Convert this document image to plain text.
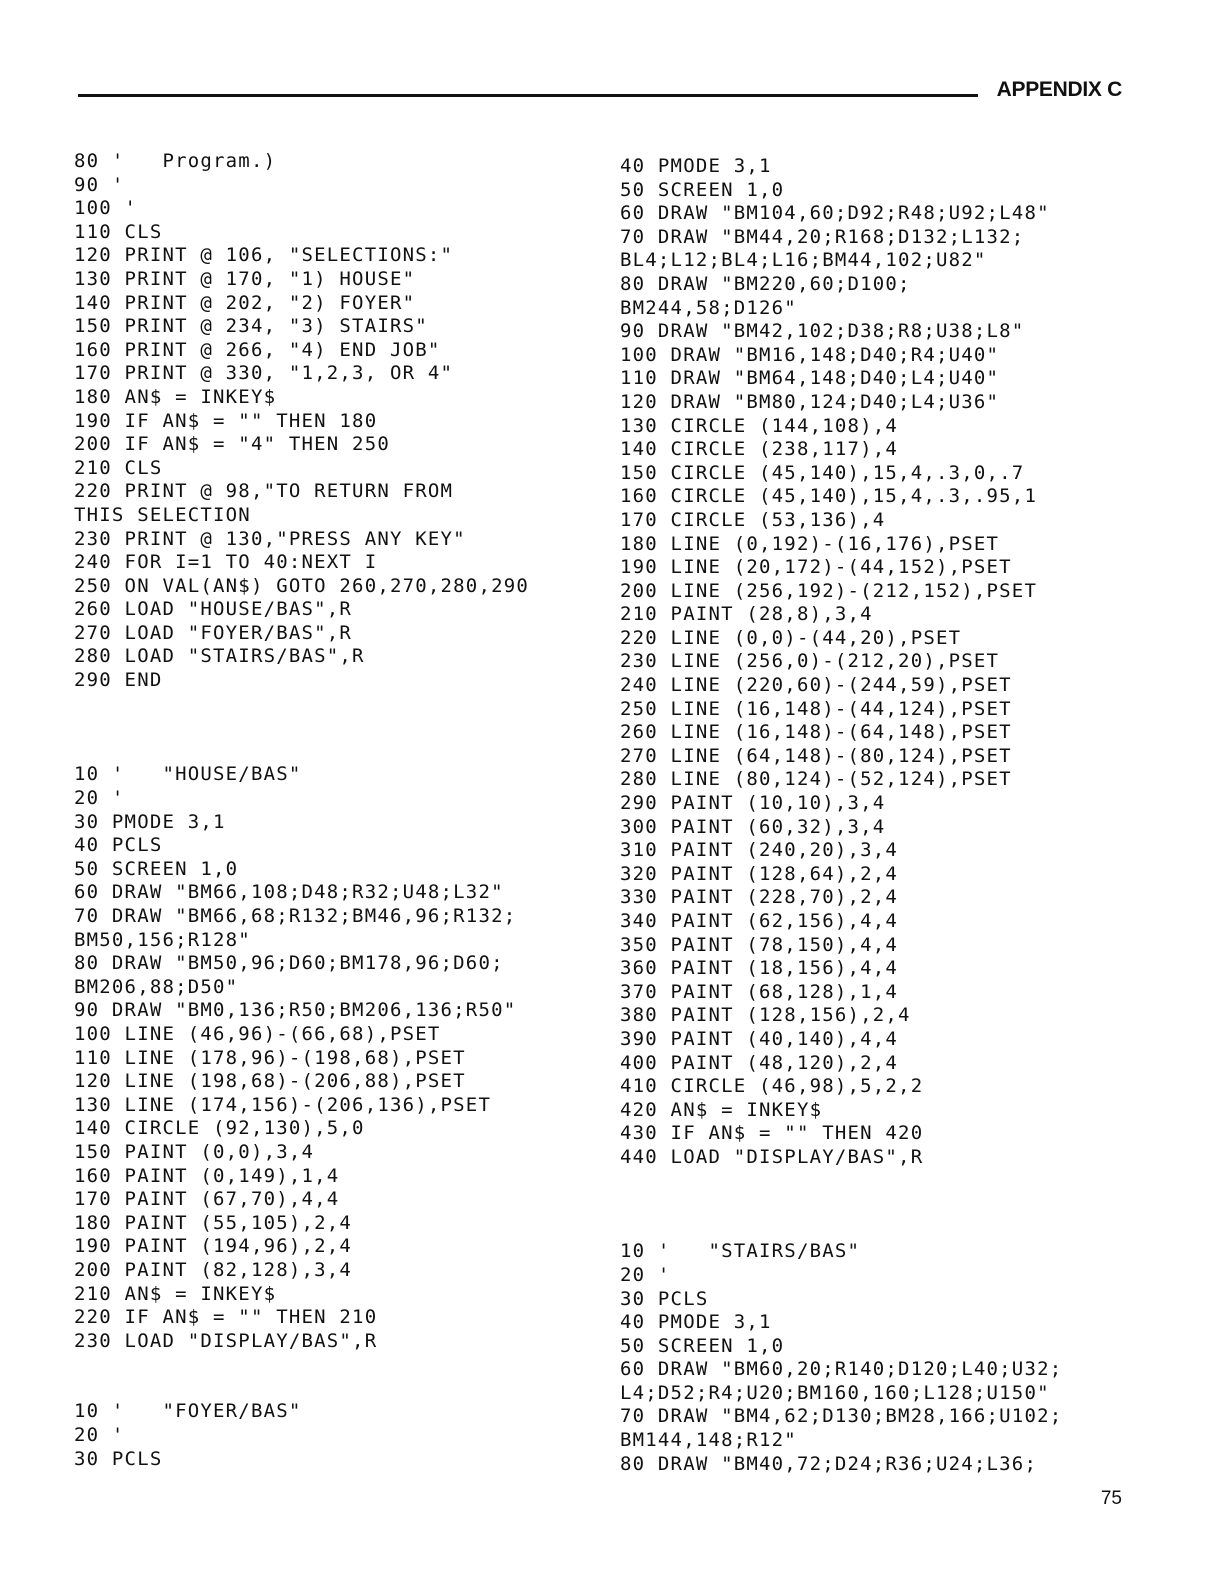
APPENDIX C
80 '   Program.)
90 '
100 '
110 CLS
120 PRINT @ 106, "SELECTIONS:"
130 PRINT @ 170, "1) HOUSE"
140 PRINT @ 202, "2) FOYER"
150 PRINT @ 234, "3) STAIRS"
160 PRINT @ 266, "4) END JOB"
170 PRINT @ 330, "1,2,3, OR 4"
180 AN$ = INKEY$
190 IF AN$ = "" THEN 180
200 IF AN$ = "4" THEN 250
210 CLS
220 PRINT @ 98,"TO RETURN FROM
THIS SELECTION
230 PRINT @ 130,"PRESS ANY KEY"
240 FOR I=1 TO 40:NEXT I
250 ON VAL(AN$) GOTO 260,270,280,290
260 LOAD "HOUSE/BAS",R
270 LOAD "FOYER/BAS",R
280 LOAD "STAIRS/BAS",R
290 END
10 '   "HOUSE/BAS"
20 '
30 PMODE 3,1
40 PCLS
50 SCREEN 1,0
60 DRAW "BM66,108;D48;R32;U48;L32"
70 DRAW "BM66,68;R132;BM46,96;R132;
BM50,156;R128"
80 DRAW "BM50,96;D60;BM178,96;D60;
BM206,88;D50"
90 DRAW "BM0,136;R50;BM206,136;R50"
100 LINE (46,96)-(66,68),PSET
110 LINE (178,96)-(198,68),PSET
120 LINE (198,68)-(206,88),PSET
130 LINE (174,156)-(206,136),PSET
140 CIRCLE (92,130),5,0
150 PAINT (0,0),3,4
160 PAINT (0,149),1,4
170 PAINT (67,70),4,4
180 PAINT (55,105),2,4
190 PAINT (194,96),2,4
200 PAINT (82,128),3,4
210 AN$ = INKEY$
220 IF AN$ = "" THEN 210
230 LOAD "DISPLAY/BAS",R
10 '   "FOYER/BAS"
20 '
30 PCLS
40 PMODE 3,1
50 SCREEN 1,0
60 DRAW "BM104,60;D92;R48;U92;L48"
70 DRAW "BM44,20;R168;D132;L132;
BL4;L12;BL4;L16;BM44,102;U82"
80 DRAW "BM220,60;D100;
BM244,58;D126"
90 DRAW "BM42,102;D38;R8;U38;L8"
100 DRAW "BM16,148;D40;R4;U40"
110 DRAW "BM64,148;D40;L4;U40"
120 DRAW "BM80,124;D40;L4;U36"
130 CIRCLE (144,108),4
140 CIRCLE (238,117),4
150 CIRCLE (45,140),15,4,.3,0,.7
160 CIRCLE (45,140),15,4,.3,.95,1
170 CIRCLE (53,136),4
180 LINE (0,192)-(16,176),PSET
190 LINE (20,172)-(44,152),PSET
200 LINE (256,192)-(212,152),PSET
210 PAINT (28,8),3,4
220 LINE (0,0)-(44,20),PSET
230 LINE (256,0)-(212,20),PSET
240 LINE (220,60)-(244,59),PSET
250 LINE (16,148)-(44,124),PSET
260 LINE (16,148)-(64,148),PSET
270 LINE (64,148)-(80,124),PSET
280 LINE (80,124)-(52,124),PSET
290 PAINT (10,10),3,4
300 PAINT (60,32),3,4
310 PAINT (240,20),3,4
320 PAINT (128,64),2,4
330 PAINT (228,70),2,4
340 PAINT (62,156),4,4
350 PAINT (78,150),4,4
360 PAINT (18,156),4,4
370 PAINT (68,128),1,4
380 PAINT (128,156),2,4
390 PAINT (40,140),4,4
400 PAINT (48,120),2,4
410 CIRCLE (46,98),5,2,2
420 AN$ = INKEY$
430 IF AN$ = "" THEN 420
440 LOAD "DISPLAY/BAS",R
10 '   "STAIRS/BAS"
20 '
30 PCLS
40 PMODE 3,1
50 SCREEN 1,0
60 DRAW "BM60,20;R140;D120;L40;U32;
L4;D52;R4;U20;BM160,160;L128;U150"
70 DRAW "BM4,62;D130;BM28,166;U102;
BM144,148;R12"
80 DRAW "BM40,72;D24;R36;U24;L36;
75
